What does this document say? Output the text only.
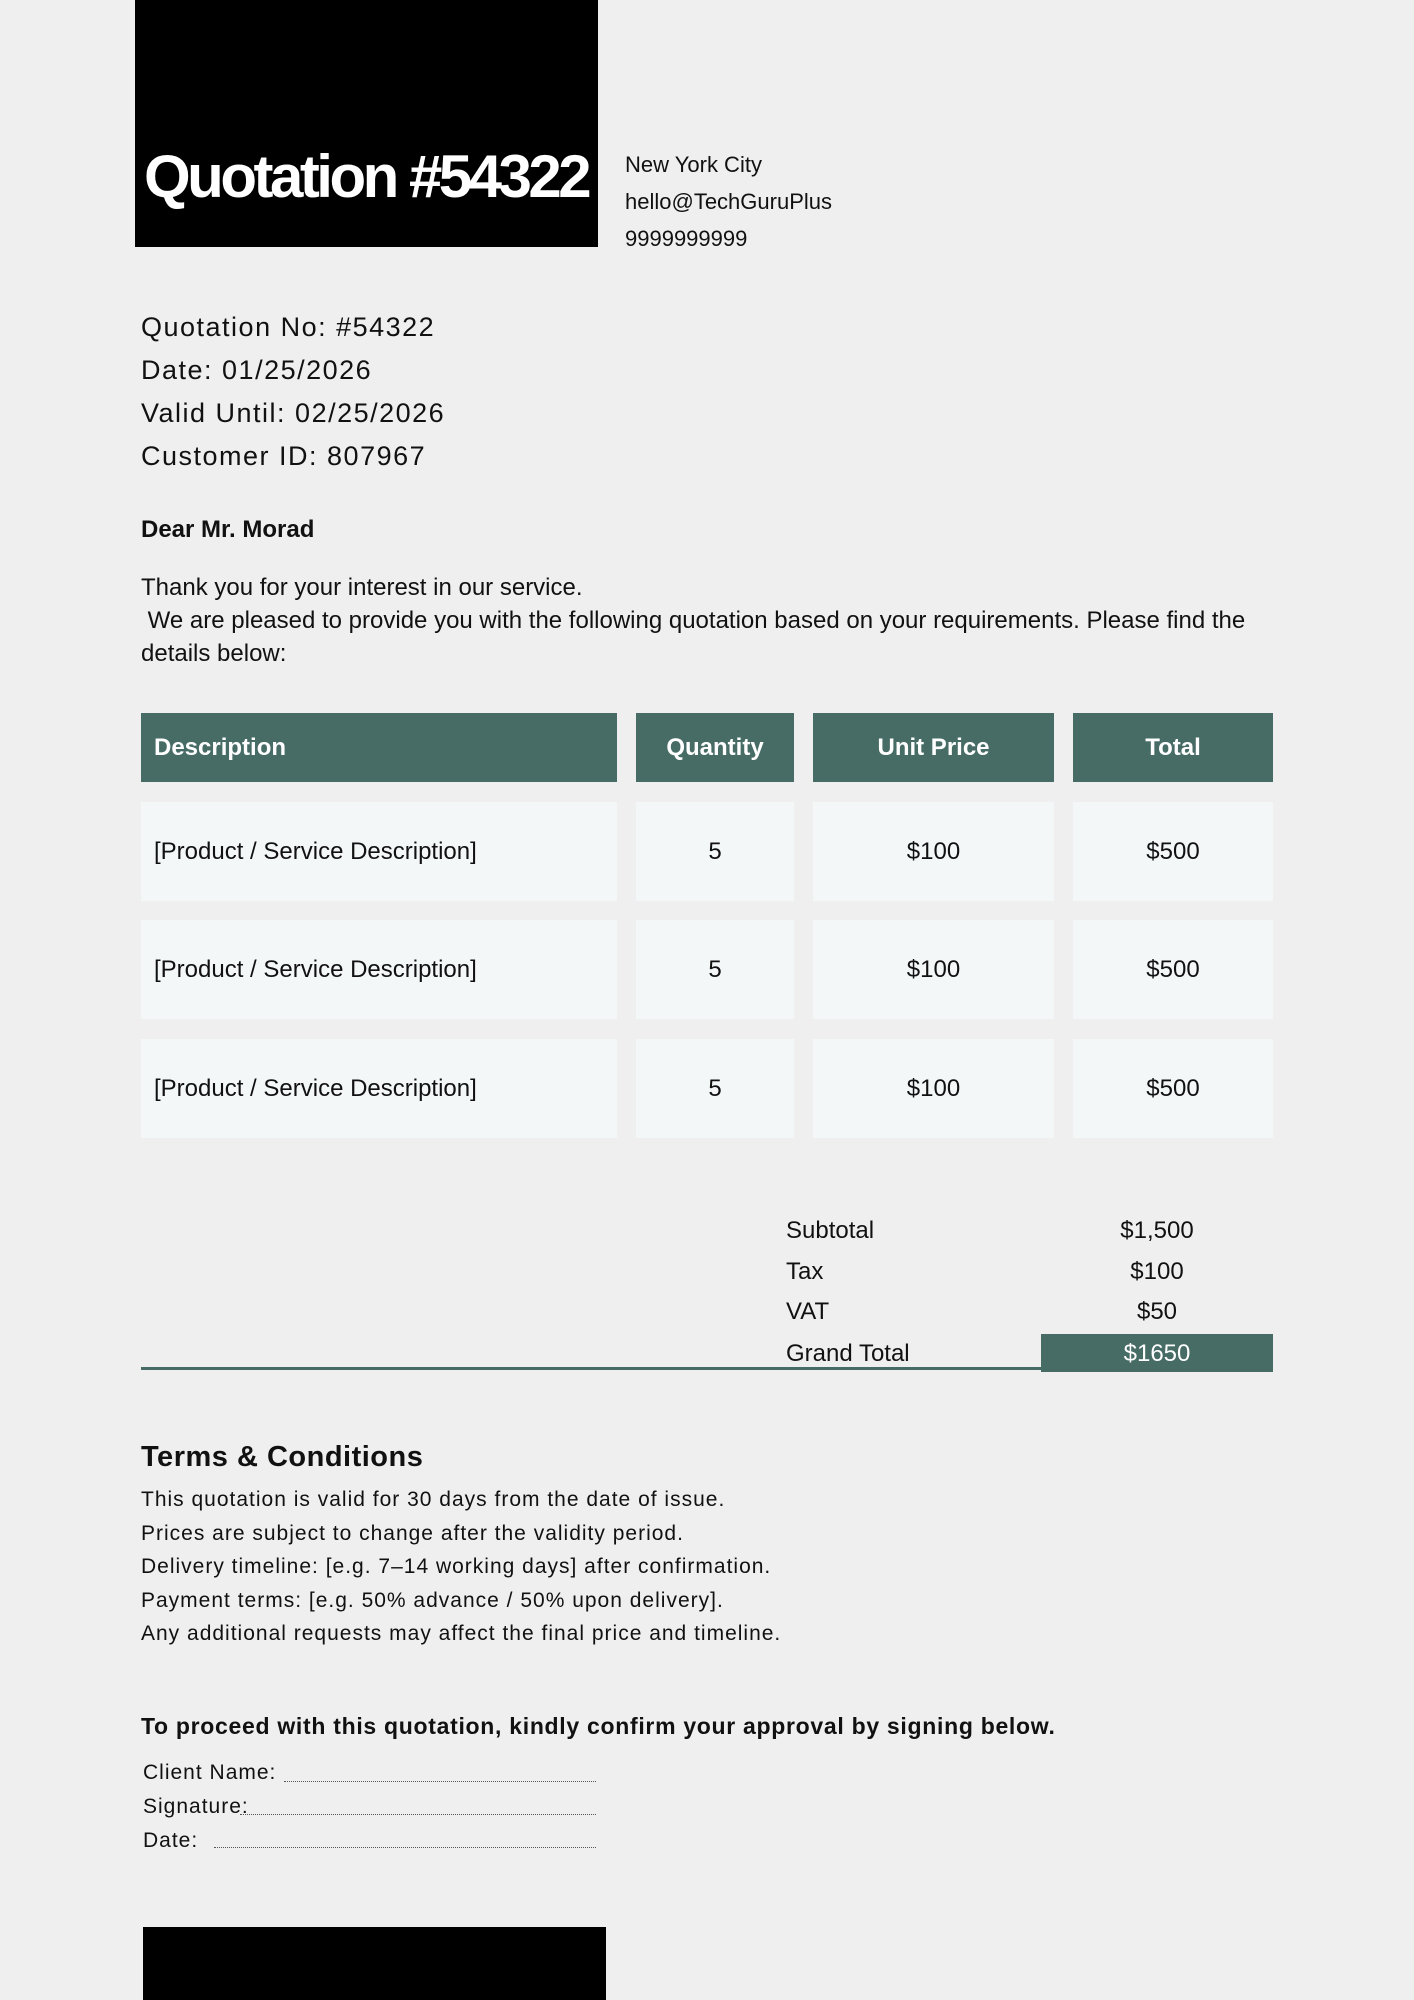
Quotation #54322 New York City
hello@TechGuruPlus
9999999999
Quotation No: #54322
Date: 01/25/2026
Valid Until: 02/25/2026
Customer ID: 807967
Dear Mr. Morad
Thank you for your interest in our service.
We are pleased to provide you with the following quotation based on your requirements. Please find the details below:
Description	Quantity	Unit Price	Total
[Product / Service Description]	5	$100	$500
[Product / Service Description]	5	$100	$500
[Product / Service Description]	5	$100	$500
Subtotal	$1,500
Tax	$100
VAT	$50
Grand Total	$1650
Terms & Conditions
This quotation is valid for 30 days from the date of issue.
Prices are subject to change after the validity period.
Delivery timeline: [e.g. 7–14 working days] after confirmation.
Payment terms: [e.g. 50% advance / 50% upon delivery].
Any additional requests may affect the final price and timeline.
To proceed with this quotation, kindly confirm your approval by signing below.
Client Name:
Signature:
Date:
